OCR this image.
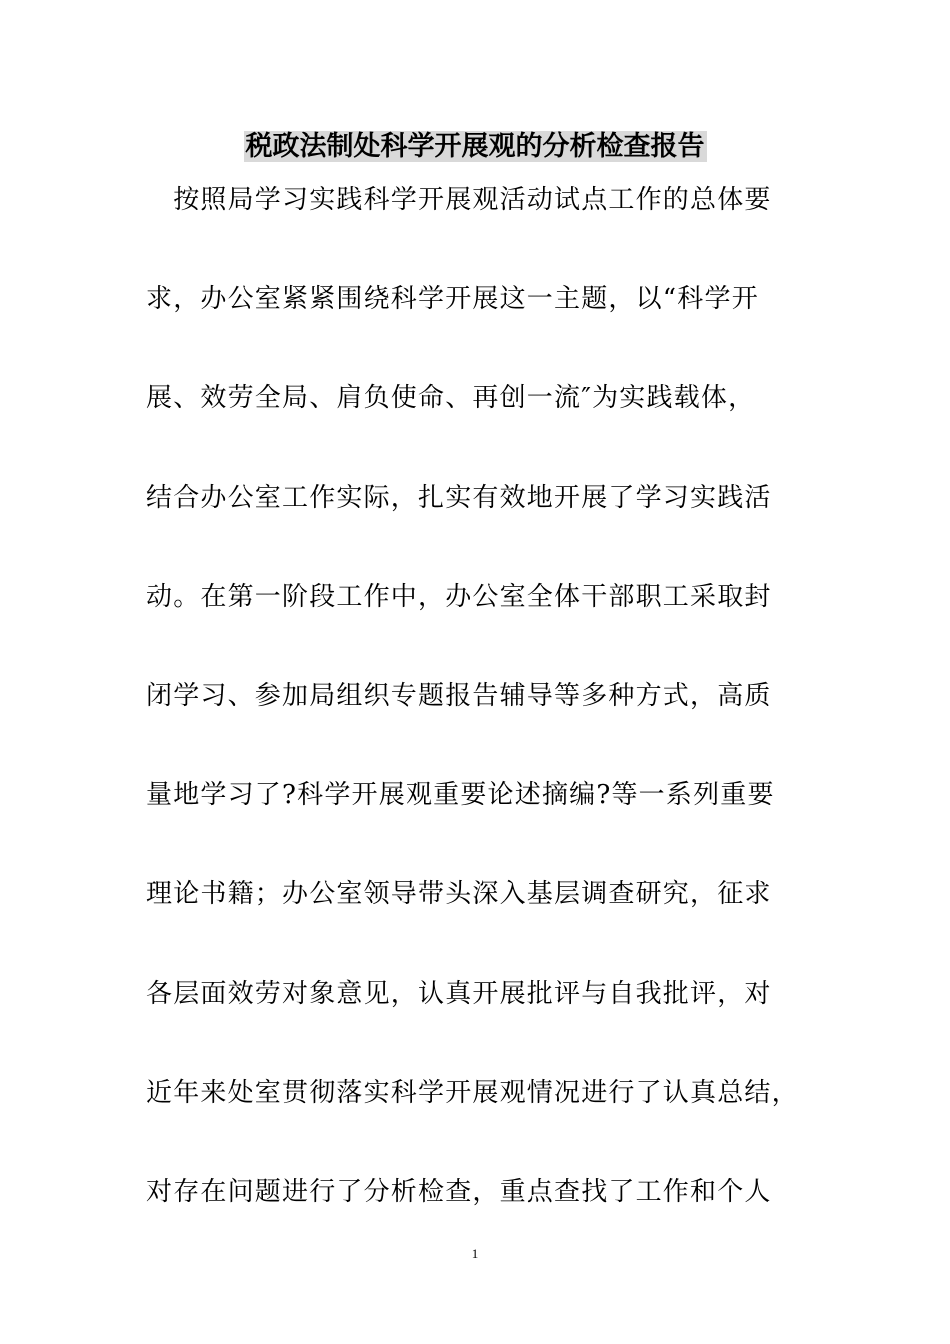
税政法制处科学开展观的分析检查报告
　按照局学习实践科学开展观活动试点工作的总体要
求，办公室紧紧围绕科学开展这一主题，以“科学开
展、效劳全局、肩负使命、再创一流″为实践载体，
结合办公室工作实际，扎实有效地开展了学习实践活
动。在第一阶段工作中，办公室全体干部职工采取封
闭学习、参加局组织专题报告辅导等多种方式，高质
量地学习了?科学开展观重要论述摘编?等一系列重要
理论书籍；办公室领导带头深入基层调查研究，征求
各层面效劳对象意见，认真开展批评与自我批评，对
近年来处室贯彻落实科学开展观情况进行了认真总结，
对存在问题进行了分析检查，重点查找了工作和个人
1
